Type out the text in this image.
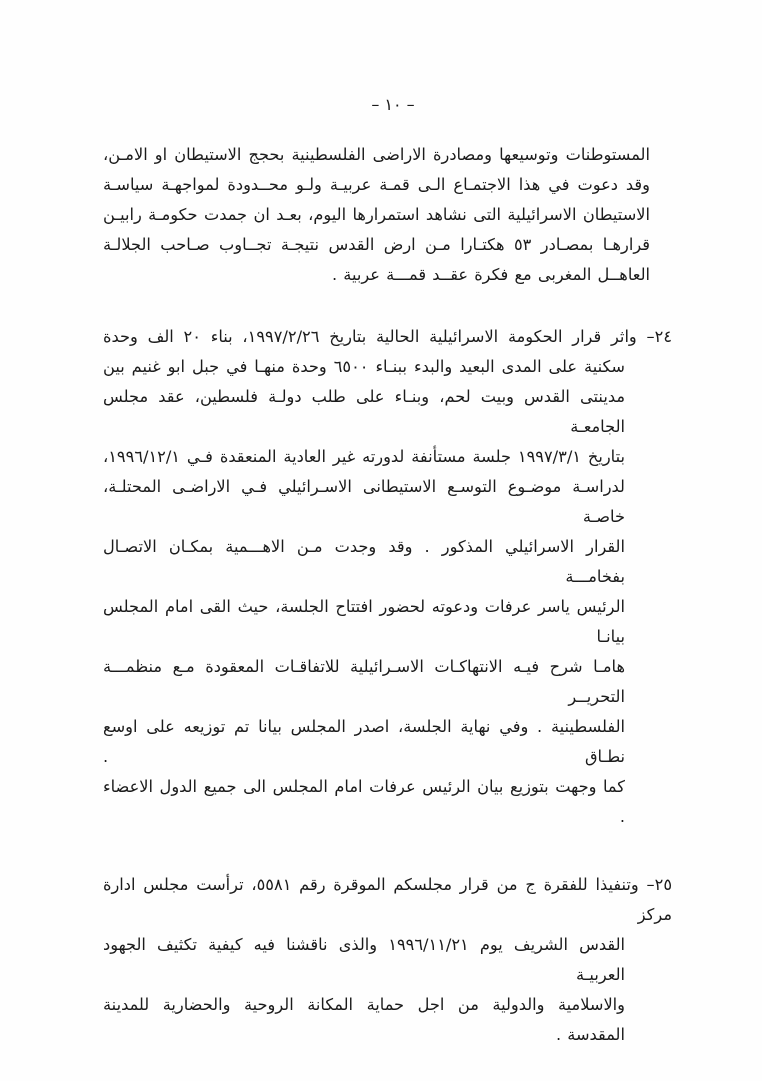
– ١٠ –
المستوطنات وتوسيعها ومصادرة الاراضى الفلسطينية بحجج الاستيطان او الامـن،
وقد دعوت في هذا الاجتمـاع الـى قمـة عربيـة ولـو محــدودة لمواجهـة سياسـة
الاستيطان الاسرائيلية التى نشاهد استمرارها اليوم، بعـد ان جمدت حكومـة رابيـن
قرارهـا بمصـادر ٥٣ هكتـارا مـن ارض القدس نتيجـة تجــاوب صـاحب الجلالـة
العاهــل المغربى مع فكرة عقــد قمـــة عربية .
٢٤– واثر قرار الحكومة الاسرائيلية الحالية بتاريخ ١٩٩٧/٢/٢٦، بناء ٢٠ الف وحدة
سكنية على المدى البعيد والبدء ببنـاء ٦٥٠٠ وحدة منهـا في جبل ابو غنيم بين
مدينتى القدس وبيت لحم، وبنـاء على طلب دولـة فلسطين، عقد مجلس الجامعـة
بتاريخ ١٩٩٧/٣/١ جلسة مستأنفة لدورته غير العادية المنعقدة فـي ١٩٩٦/١٢/١،
لدراسـة موضـوع التوسـع الاستيطانى الاسـرائيلي فـي الاراضـى المحتلـة، خاصـة
القرار الاسرائيلي المذكور . وقد وجدت مـن الاهـــمية بمكـان الاتصـال بفخامـــة
الرئيس ياسر عرفات ودعوته لحضور افتتاح الجلسة، حيث القى امام المجلس بيانـا
هامـا شرح فيـه الانتهاكـات الاسـرائيلية للاتفاقـات المعقودة مـع منظمـــة التحريــر
الفلسطينية . وفي نهاية الجلسة، اصدر المجلس بيانا تم توزيعه على اوسع نطـاق .
كما وجهت بتوزيع بيان الرئيس عرفات امام المجلس الى جميع الدول الاعضاء .
٢٥– وتنفيذا للفقرة ج من قرار مجلسكم الموقرة رقم ٥٥٨١، ترأست مجلس ادارة مركز
القدس الشريف يوم ١٩٩٦/١١/٢١ والذى ناقشنا فيه كيفية تكثيف الجهود العربيـة
والاسلامية والدولية من اجل حماية المكانة الروحية والحضارية للمدينة المقدسة .
